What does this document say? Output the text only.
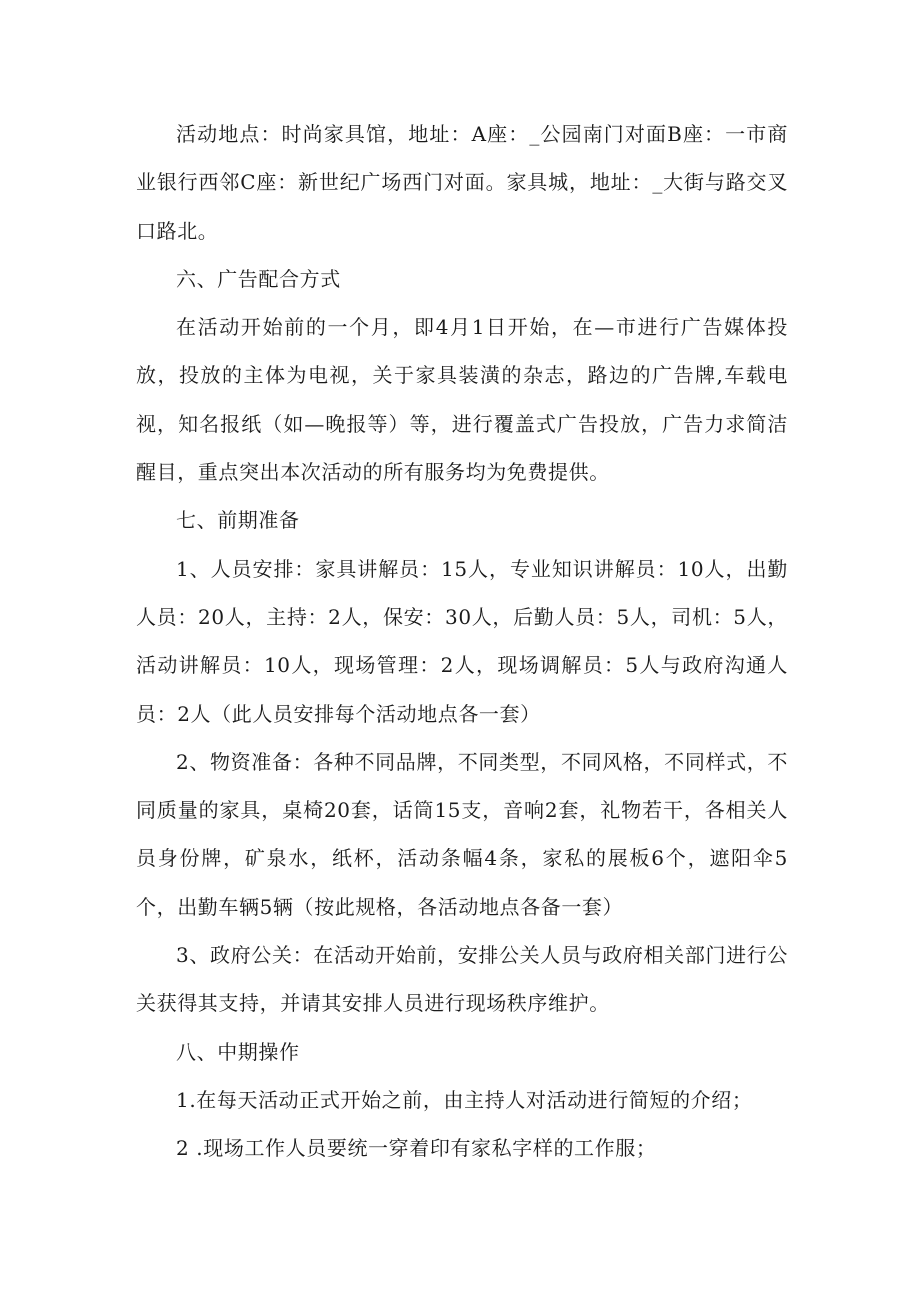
活动地点：时尚家具馆，地址：A座：_公园南门对面B座：一市商业银行西邻C座：新世纪广场西门对面。家具城，地址：_大街与路交叉口路北。

六、广告配合方式

在活动开始前的一个月，即4月1日开始，在—市进行广告媒体投放，投放的主体为电视，关于家具装潢的杂志，路边的广告牌,车载电视，知名报纸（如—晚报等）等，进行覆盖式广告投放，广告力求简洁醒目，重点突出本次活动的所有服务均为免费提供。

七、前期准备

1、人员安排：家具讲解员：15人，专业知识讲解员：10人，出勤人员：20人，主持：2人，保安：30人，后勤人员：5人，司机：5人，活动讲解员：10人，现场管理：2人，现场调解员：5人与政府沟通人员：2人（此人员安排每个活动地点各一套）

2、物资准备：各种不同品牌，不同类型，不同风格，不同样式，不同质量的家具，桌椅20套，话筒15支，音响2套，礼物若干，各相关人员身份牌，矿泉水，纸杯，活动条幅4条，家私的展板6个，遮阳伞5个，出勤车辆5辆（按此规格，各活动地点各备一套）

3、政府公关：在活动开始前，安排公关人员与政府相关部门进行公关获得其支持，并请其安排人员进行现场秩序维护。

八、中期操作

1.在每天活动正式开始之前，由主持人对活动进行简短的介绍；

2 .现场工作人员要统一穿着印有家私字样的工作服；
